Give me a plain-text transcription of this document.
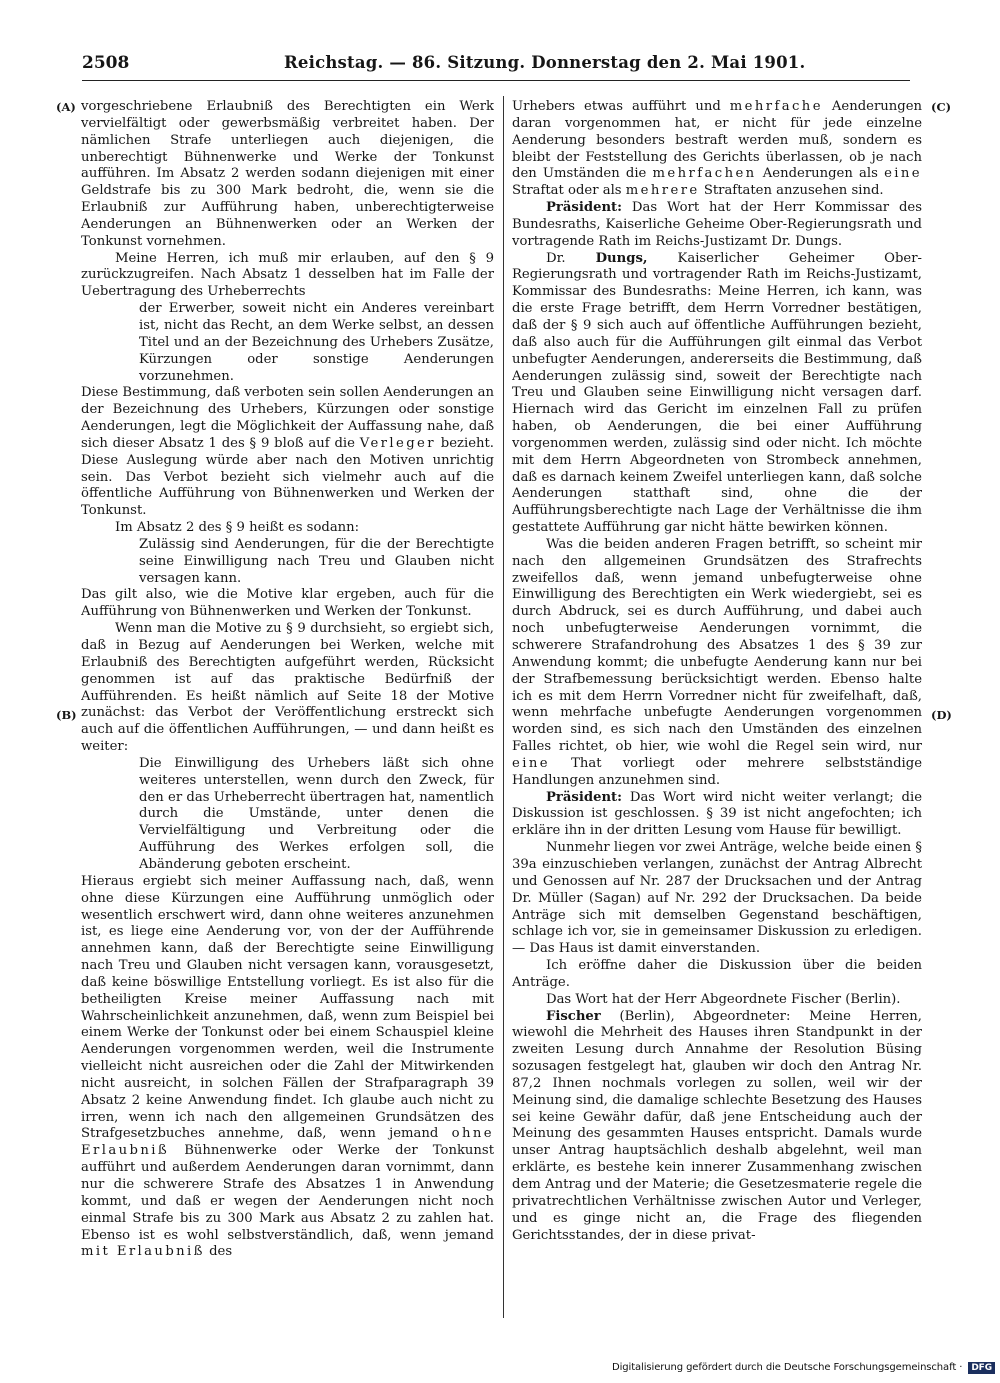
2508	Reichstag. — 86. Sitzung. Donnerstag den 2. Mai 1901.
(A)
(B)
(C)
(D)

vorgeschriebene Erlaubniß des Berechtigten ein Werk vervielfältigt oder gewerbsmäßig verbreitet haben. Der nämlichen Strafe unterliegen auch diejenigen, die unberechtigt Bühnenwerke und Werke der Tonkunst aufführen. Im Absatz 2 werden sodann diejenigen mit einer Geldstrafe bis zu 300 Mark bedroht, die, wenn sie die Erlaubniß zur Aufführung haben, unberechtigterweise Aenderungen an Bühnenwerken oder an Werken der Tonkunst vornehmen.

Meine Herren, ich muß mir erlauben, auf den § 9 zurückzugreifen. Nach Absatz 1 desselben hat im Falle der Uebertragung des Urheberrechts

der Erwerber, soweit nicht ein Anderes vereinbart ist, nicht das Recht, an dem Werke selbst, an dessen Titel und an der Bezeichnung des Urhebers Zusätze, Kürzungen oder sonstige Aenderungen vorzunehmen.

Diese Bestimmung, daß verboten sein sollen Aenderungen an der Bezeichnung des Urhebers, Kürzungen oder sonstige Aenderungen, legt die Möglichkeit der Auffassung nahe, daß sich dieser Absatz 1 des § 9 bloß auf die Verleger bezieht. Diese Auslegung würde aber nach den Motiven unrichtig sein. Das Verbot bezieht sich vielmehr auch auf die öffentliche Aufführung von Bühnenwerken und Werken der Tonkunst.

Im Absatz 2 des § 9 heißt es sodann:

Zulässig sind Aenderungen, für die der Berechtigte seine Einwilligung nach Treu und Glauben nicht versagen kann.

Das gilt also, wie die Motive klar ergeben, auch für die Aufführung von Bühnenwerken und Werken der Tonkunst.

Wenn man die Motive zu § 9 durchsieht, so ergiebt sich, daß in Bezug auf Aenderungen bei Werken, welche mit Erlaubniß des Berechtigten aufgeführt werden, Rücksicht genommen ist auf das praktische Bedürfniß der Aufführenden. Es heißt nämlich auf Seite 18 der Motive zunächst: das Verbot der Veröffentlichung erstreckt sich auch auf die öffentlichen Aufführungen, — und dann heißt es weiter:

Die Einwilligung des Urhebers läßt sich ohne weiteres unterstellen, wenn durch den Zweck, für den er das Urheberrecht übertragen hat, namentlich durch die Umstände, unter denen die Vervielfältigung und Verbreitung oder die Aufführung des Werkes erfolgen soll, die Abänderung geboten erscheint.

Hieraus ergiebt sich meiner Auffassung nach, daß, wenn ohne diese Kürzungen eine Aufführung unmöglich oder wesentlich erschwert wird, dann ohne weiteres anzunehmen ist, es liege eine Aenderung vor, von der der Aufführende annehmen kann, daß der Berechtigte seine Einwilligung nach Treu und Glauben nicht versagen kann, vorausgesetzt, daß keine böswillige Entstellung vorliegt. Es ist also für die betheiligten Kreise meiner Auffassung nach mit Wahrscheinlichkeit anzunehmen, daß, wenn zum Beispiel bei einem Werke der Tonkunst oder bei einem Schauspiel kleine Aenderungen vorgenommen werden, weil die Instrumente vielleicht nicht ausreichen oder die Zahl der Mitwirkenden nicht ausreicht, in solchen Fällen der Strafparagraph 39 Absatz 2 keine Anwendung findet. Ich glaube auch nicht zu irren, wenn ich nach den allgemeinen Grundsätzen des Strafgesetzbuches annehme, daß, wenn jemand ohne Erlaubniß Bühnenwerke oder Werke der Tonkunst aufführt und außerdem Aenderungen daran vornimmt, dann nur die schwerere Strafe des Absatzes 1 in Anwendung kommt, und daß er wegen der Aenderungen nicht noch einmal Strafe bis zu 300 Mark aus Absatz 2 zu zahlen hat. Ebenso ist es wohl selbstverständlich, daß, wenn jemand mit Erlaubniß des

Urhebers etwas aufführt und mehrfache Aenderungen daran vorgenommen hat, er nicht für jede einzelne Aenderung besonders bestraft werden muß, sondern es bleibt der Feststellung des Gerichts überlassen, ob je nach den Umständen die mehrfachen Aenderungen als eine Straftat oder als mehrere Straftaten anzusehen sind.

Präsident: Das Wort hat der Herr Kommissar des Bundesraths, Kaiserliche Geheime Ober-Regierungsrath und vortragende Rath im Reichs-Justizamt Dr. Dungs.

Dr. Dungs, Kaiserlicher Geheimer Ober-Regierungsrath und vortragender Rath im Reichs-Justizamt, Kommissar des Bundesraths: Meine Herren, ich kann, was die erste Frage betrifft, dem Herrn Vorredner bestätigen, daß der § 9 sich auch auf öffentliche Aufführungen bezieht, daß also auch für die Aufführungen gilt einmal das Verbot unbefugter Aenderungen, andererseits die Bestimmung, daß Aenderungen zulässig sind, soweit der Berechtigte nach Treu und Glauben seine Einwilligung nicht versagen darf. Hiernach wird das Gericht im einzelnen Fall zu prüfen haben, ob Aenderungen, die bei einer Aufführung vorgenommen werden, zulässig sind oder nicht. Ich möchte mit dem Herrn Abgeordneten von Strombeck annehmen, daß es darnach keinem Zweifel unterliegen kann, daß solche Aenderungen statthaft sind, ohne die der Aufführungsberechtigte nach Lage der Verhältnisse die ihm gestattete Aufführung gar nicht hätte bewirken können.

Was die beiden anderen Fragen betrifft, so scheint mir nach den allgemeinen Grundsätzen des Strafrechts zweifellos daß, wenn jemand unbefugterweise ohne Einwilligung des Berechtigten ein Werk wiedergiebt, sei es durch Abdruck, sei es durch Aufführung, und dabei auch noch unbefugterweise Aenderungen vornimmt, die schwerere Strafandrohung des Absatzes 1 des § 39 zur Anwendung kommt; die unbefugte Aenderung kann nur bei der Strafbemessung berücksichtigt werden. Ebenso halte ich es mit dem Herrn Vorredner nicht für zweifelhaft, daß, wenn mehrfache unbefugte Aenderungen vorgenommen worden sind, es sich nach den Umständen des einzelnen Falles richtet, ob hier, wie wohl die Regel sein wird, nur eine That vorliegt oder mehrere selbstständige Handlungen anzunehmen sind.

Präsident: Das Wort wird nicht weiter verlangt; die Diskussion ist geschlossen. § 39 ist nicht angefochten; ich erkläre ihn in der dritten Lesung vom Hause für bewilligt.

Nunmehr liegen vor zwei Anträge, welche beide einen § 39a einzuschieben verlangen, zunächst der Antrag Albrecht und Genossen auf Nr. 287 der Drucksachen und der Antrag Dr. Müller (Sagan) auf Nr. 292 der Drucksachen. Da beide Anträge sich mit demselben Gegenstand beschäftigen, schlage ich vor, sie in gemeinsamer Diskussion zu erledigen. — Das Haus ist damit einverstanden.

Ich eröffne daher die Diskussion über die beiden Anträge.

Das Wort hat der Herr Abgeordnete Fischer (Berlin).

Fischer (Berlin), Abgeordneter: Meine Herren, wiewohl die Mehrheit des Hauses ihren Standpunkt in der zweiten Lesung durch Annahme der Resolution Büsing sozusagen festgelegt hat, glauben wir doch den Antrag Nr. 87,2 Ihnen nochmals vorlegen zu sollen, weil wir der Meinung sind, die damalige schlechte Besetzung des Hauses sei keine Gewähr dafür, daß jene Entscheidung auch der Meinung des gesammten Hauses entspricht. Damals wurde unser Antrag hauptsächlich deshalb abgelehnt, weil man erklärte, es bestehe kein innerer Zusammenhang zwischen dem Antrag und der Materie; die Gesetzesmaterie regele die privatrechtlichen Verhältnisse zwischen Autor und Verleger, und es ginge nicht an, die Frage des fliegenden Gerichtsstandes, der in diese privat-

Digitalisierung gefördert durch die Deutsche Forschungsgemeinschaft · DFG
